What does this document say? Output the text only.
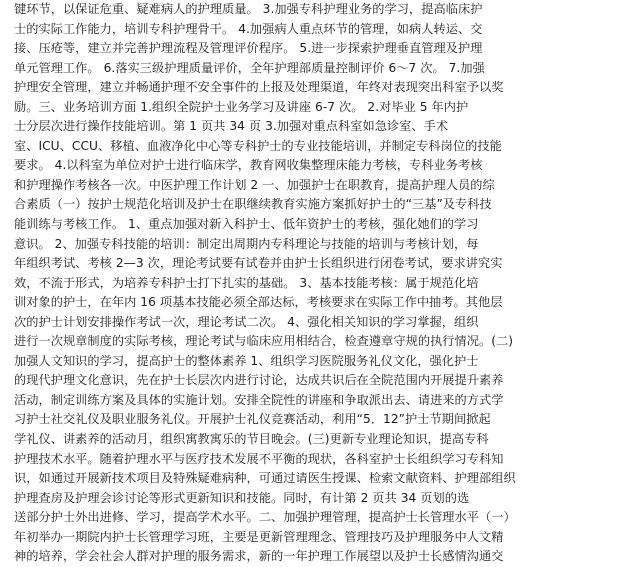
键环节，以保证危重、疑难病人的护理质量。 3.加强专科护理业务的学习，提高临床护
士的实际工作能力，培训专科护理骨干。 4.加强病人重点环节的管理，如病人转运、交
接、压疮等，建立并完善护理流程及管理评价程序。 5.进一步探索护理垂直管理及护理
单元管理工作。 6.落实三级护理质量评价，全年护理部质量控制评价 6～7 次。 7.加强
护理安全管理，建立并畅通护理不安全事件的上报及处理渠道，年终对表现突出科室予以奖
励。三、业务培训方面 1.组织全院护士业务学习及讲座 6-7 次。 2.对毕业 5 年内护
士分层次进行操作技能培训。第 1 页共 34 页 3.加强对重点科室如急诊室、手术
室、ICU、CCU、移植、血液净化中心等专科护士的专业技能培训，并制定专科岗位的技能
要求。 4.以科室为单位对护士进行临床学，教育网收集整理床能力考核，专科业务考核
和护理操作考核各一次。中医护理工作计划 2 一、加强护士在职教育，提高护理人员的综
合素质（一）按护士规范化培训及护士在职继续教育实施方案抓好护士的“三基”及专科技
能训练与考核工作。 1、重点加强对新入科护士、低年资护士的考核，强化她们的学习
意识。 2、加强专科技能的培训：制定出周期内专科理论与技能的培训与考核计划，每
年组织考试、考核 2—3 次，理论考试要有试卷并由护士长组织进行闭卷考试，要求讲究实
效，不流于形式，为培养专科护士打下扎实的基础。 3、基本技能考核：属于规范化培
训对象的护士，在年内 16 项基本技能必须全部达标，考核要求在实际工作中抽考。其他层
次的护士计划安排操作考试一次，理论考试二次。 4、强化相关知识的学习掌握，组织
进行一次规章制度的实际考核，理论考试与临床应用相结合，检查遵章守规的执行情况。(二)
加强人文知识的学习，提高护士的整体素养 1、组织学习医院服务礼仪文化，强化护士
的现代护理文化意识，先在护士长层次内进行讨论，达成共识后在全院范围内开展提升素养
活动，制定训练方案及具体的实施计划。安排全院性的讲座和争取派出去、请进来的方式学
习护士社交礼仪及职业服务礼仪。开展护士礼仪竞赛活动，利用“5．12”护士节期间掀起
学礼仪、讲素养的活动月，组织寓教寓乐的节目晚会。(三)更新专业理论知识，提高专科
护理技术水平。随着护理水平与医疗技术发展不平衡的现状，各科室护士长组织学习专科知
识，如通过开展新技术项目及特殊疑难病种，可通过请医生授课、检索文献资料、护理部组织
护理查房及护理会诊讨论等形式更新知识和技能。同时，有计第 2 页共 34 页划的选
送部分护士外出进修、学习，提高学术水平。二、加强护理管理，提高护士长管理水平（一）
年初举办一期院内护士长管理学习班，主要是更新管理理念、管理技巧及护理服务中人文精
神的培养，学会社会人群对护理的服务需求，新的一年护理工作展望以及护士长感情沟通交
